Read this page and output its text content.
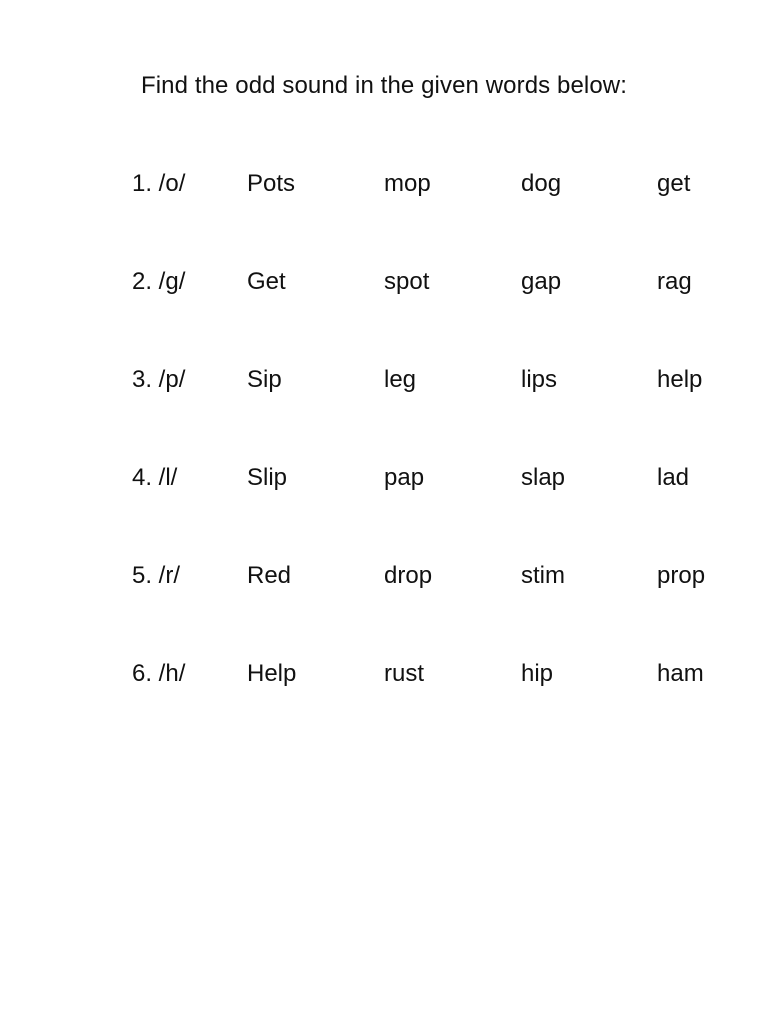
Find the odd sound in the given words below:
1. /o/	Pots	mop	dog	get
2. /g/	Get	spot	gap	rag
3. /p/	Sip	leg	lips	help
4. /l/	Slip	pap	slap	lad
5. /r/	Red	drop	stim	prop
6. /h/	Help	rust	hip	ham
